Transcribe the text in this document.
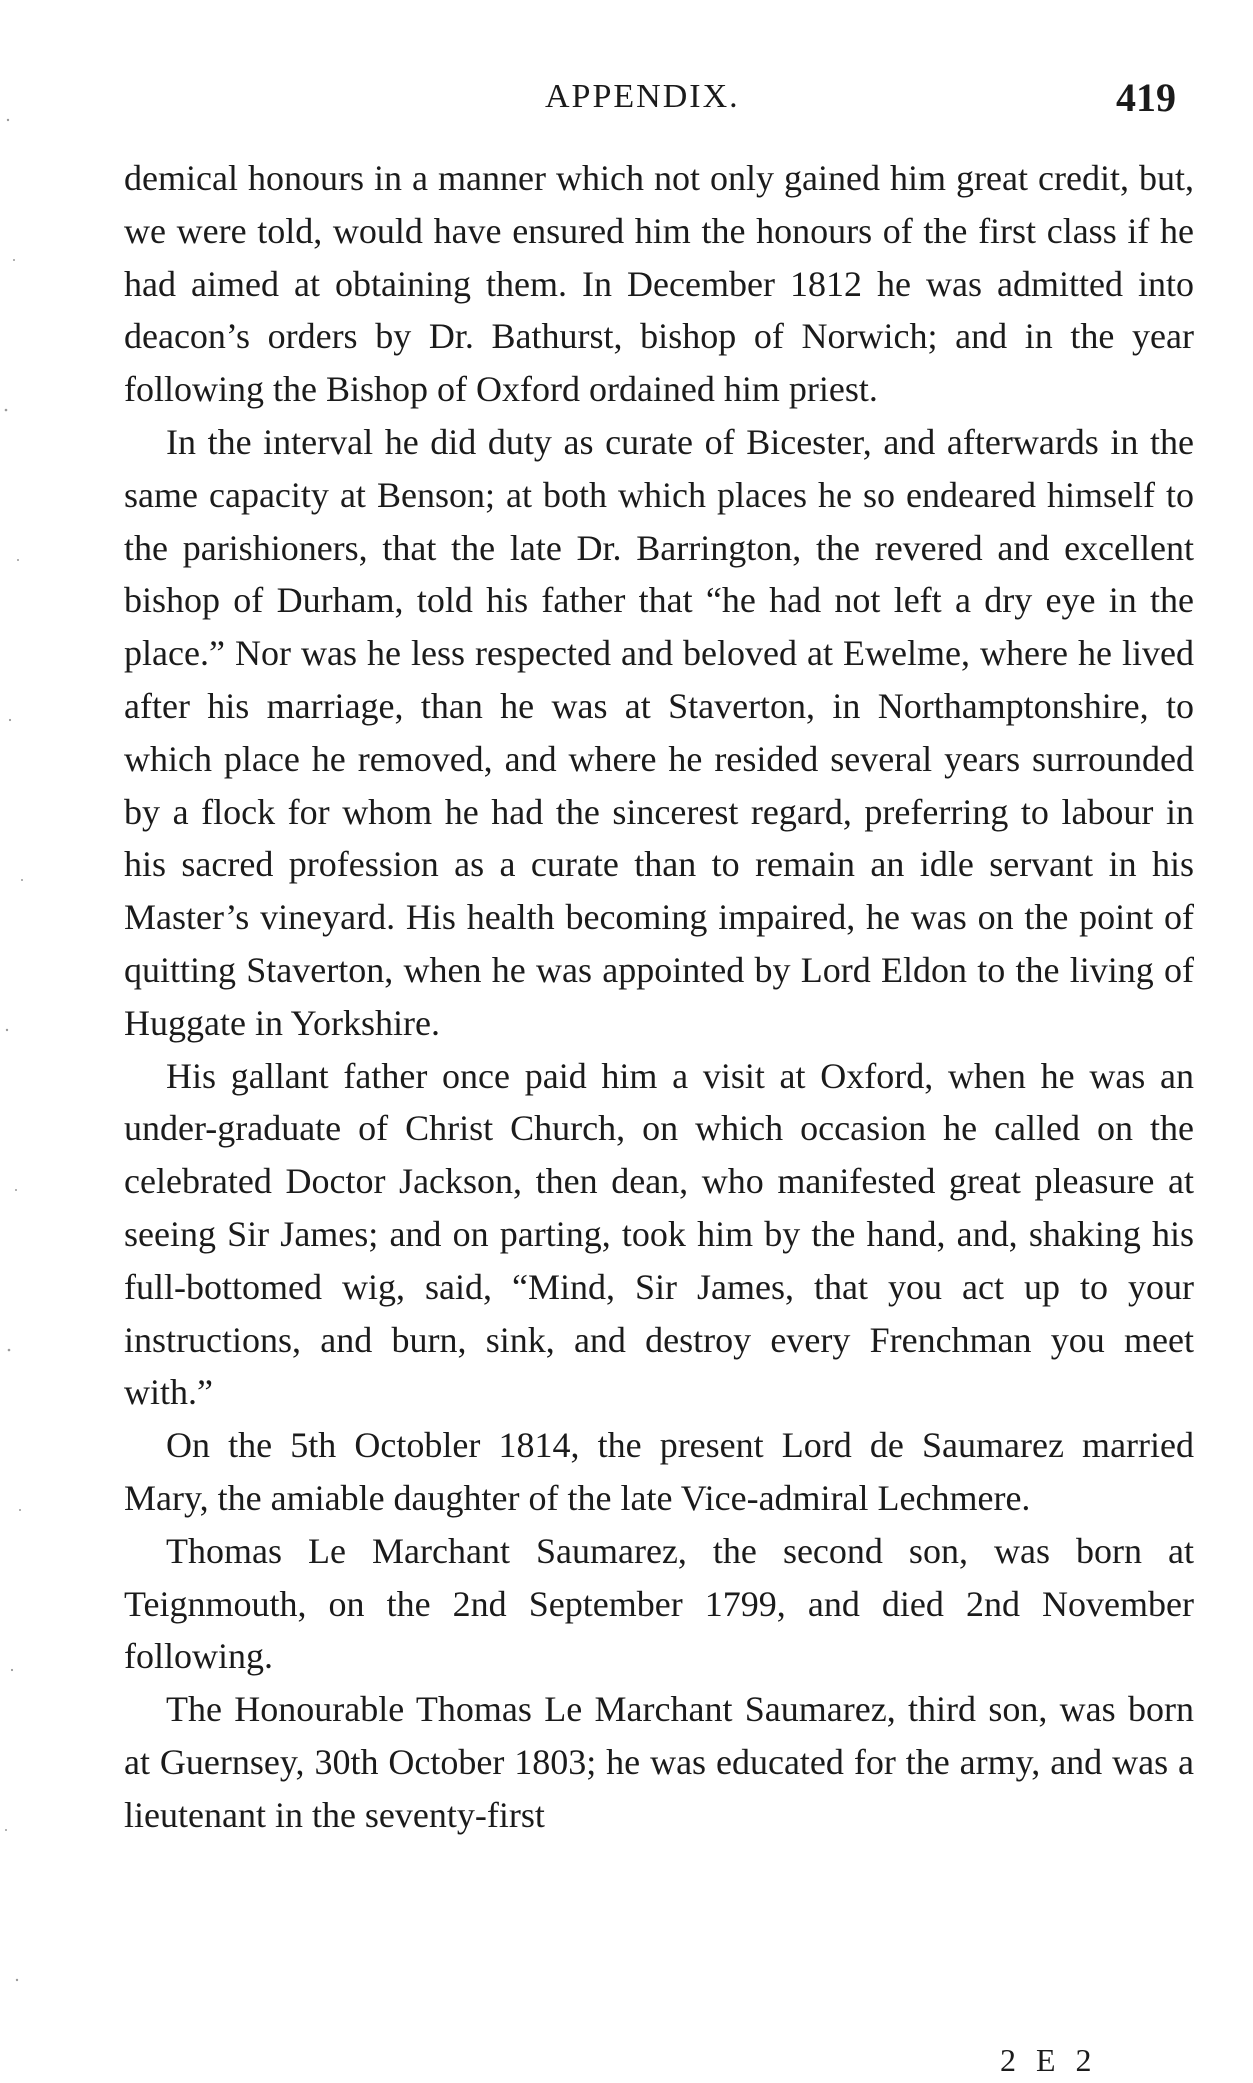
APPENDIX.	419

demical honours in a manner which not only gained him great credit, but, we were told, would have ensured him the honours of the first class if he had aimed at obtaining them. In December 1812 he was admitted into deacon’s orders by Dr. Bathurst, bishop of Norwich; and in the year following the Bishop of Oxford ordained him priest.

In the interval he did duty as curate of Bicester, and afterwards in the same capacity at Benson; at both which places he so endeared himself to the parishioners, that the late Dr. Barrington, the revered and excellent bishop of Durham, told his father that “he had not left a dry eye in the place.” Nor was he less respected and beloved at Ewelme, where he lived after his marriage, than he was at Staverton, in Northamptonshire, to which place he removed, and where he resided several years surrounded by a flock for whom he had the sincerest regard, preferring to labour in his sacred profession as a curate than to remain an idle servant in his Master’s vineyard. His health becoming impaired, he was on the point of quitting Staverton, when he was appointed by Lord Eldon to the living of Huggate in Yorkshire.

His gallant father once paid him a visit at Oxford, when he was an under-graduate of Christ Church, on which occasion he called on the celebrated Doctor Jackson, then dean, who manifested great pleasure at seeing Sir James; and on parting, took him by the hand, and, shaking his full-bottomed wig, said, “Mind, Sir James, that you act up to your instructions, and burn, sink, and destroy every Frenchman you meet with.”

On the 5th Octobler 1814, the present Lord de Saumarez married Mary, the amiable daughter of the late Vice-admiral Lechmere.

Thomas Le Marchant Saumarez, the second son, was born at Teignmouth, on the 2nd September 1799, and died 2nd November following.

The Honourable Thomas Le Marchant Saumarez, third son, was born at Guernsey, 30th October 1803; he was educated for the army, and was a lieutenant in the seventy-first

2 E 2
